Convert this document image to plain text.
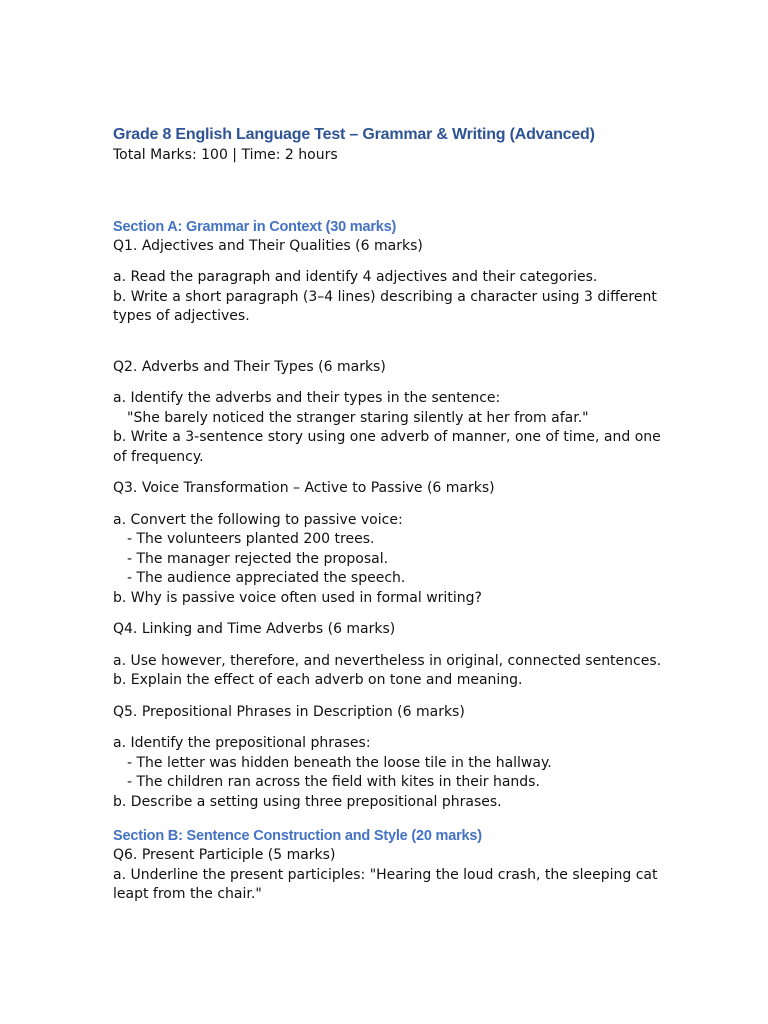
Grade 8 English Language Test – Grammar & Writing (Advanced)

Total Marks: 100 | Time: 2 hours

Section A: Grammar in Context (30 marks)

Q1. Adjectives and Their Qualities (6 marks)

a. Read the paragraph and identify 4 adjectives and their categories.

b. Write a short paragraph (3–4 lines) describing a character using 3 different types of adjectives.

Q2. Adverbs and Their Types (6 marks)

a. Identify the adverbs and their types in the sentence:

"She barely noticed the stranger staring silently at her from afar."

b. Write a 3-sentence story using one adverb of manner, one of time, and one of frequency.

Q3. Voice Transformation – Active to Passive (6 marks)

a. Convert the following to passive voice:

- The volunteers planted 200 trees.

- The manager rejected the proposal.

- The audience appreciated the speech.

b. Why is passive voice often used in formal writing?

Q4. Linking and Time Adverbs (6 marks)

a. Use however, therefore, and nevertheless in original, connected sentences.

b. Explain the effect of each adverb on tone and meaning.

Q5. Prepositional Phrases in Description (6 marks)

a. Identify the prepositional phrases:

- The letter was hidden beneath the loose tile in the hallway.

- The children ran across the field with kites in their hands.

b. Describe a setting using three prepositional phrases.

Section B: Sentence Construction and Style (20 marks)

Q6. Present Participle (5 marks)

a. Underline the present participles: "Hearing the loud crash, the sleeping cat leapt from the chair."
